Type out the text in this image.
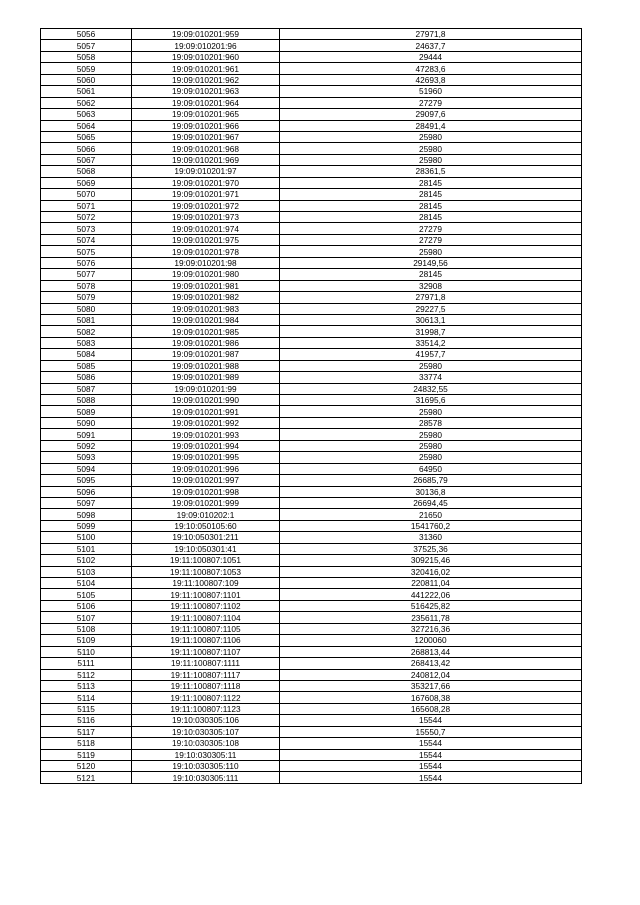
5056	19:09:010201:959	27971,8
5057	19:09:010201:96	24637,7
5058	19:09:010201:960	29444
5059	19:09:010201:961	47283,6
5060	19:09:010201:962	42693,8
5061	19:09:010201:963	51960
5062	19:09:010201:964	27279
5063	19:09:010201:965	29097,6
5064	19:09:010201:966	28491,4
5065	19:09:010201:967	25980
5066	19:09:010201:968	25980
5067	19:09:010201:969	25980
5068	19:09:010201:97	28361,5
5069	19:09:010201:970	28145
5070	19:09:010201:971	28145
5071	19:09:010201:972	28145
5072	19:09:010201:973	28145
5073	19:09:010201:974	27279
5074	19:09:010201:975	27279
5075	19:09:010201:978	25980
5076	19:09:010201:98	29149,56
5077	19:09:010201:980	28145
5078	19:09:010201:981	32908
5079	19:09:010201:982	27971,8
5080	19:09:010201:983	29227,5
5081	19:09:010201:984	30613,1
5082	19:09:010201:985	31998,7
5083	19:09:010201:986	33514,2
5084	19:09:010201:987	41957,7
5085	19:09:010201:988	25980
5086	19:09:010201:989	33774
5087	19:09:010201:99	24832,55
5088	19:09:010201:990	31695,6
5089	19:09:010201:991	25980
5090	19:09:010201:992	28578
5091	19:09:010201:993	25980
5092	19:09:010201:994	25980
5093	19:09:010201:995	25980
5094	19:09:010201:996	64950
5095	19:09:010201:997	26685,79
5096	19:09:010201:998	30136,8
5097	19:09:010201:999	26694,45
5098	19:09:010202:1	21650
5099	19:10:050105:60	1541760,2
5100	19:10:050301:211	31360
5101	19:10:050301:41	37525,36
5102	19:11:100807:1051	309215,46
5103	19:11:100807:1053	320416,02
5104	19:11:100807:109	220811,04
5105	19:11:100807:1101	441222,06
5106	19:11:100807:1102	516425,82
5107	19:11:100807:1104	235611,78
5108	19:11:100807:1105	327216,36
5109	19:11:100807:1106	1200060
5110	19:11:100807:1107	268813,44
5111	19:11:100807:1111	268413,42
5112	19:11:100807:1117	240812,04
5113	19:11:100807:1118	353217,66
5114	19:11:100807:1122	167608,38
5115	19:11:100807:1123	165608,28
5116	19:10:030305:106	15544
5117	19:10:030305:107	15550,7
5118	19:10:030305:108	15544
5119	19:10:030305:11	15544
5120	19:10:030305:110	15544
5121	19:10:030305:111	15544
